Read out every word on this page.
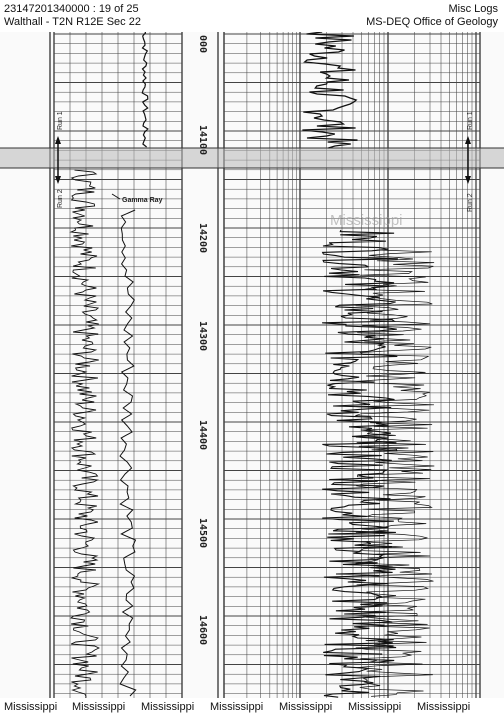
23147201340000 : 19 of 25
Walthall - T2N R12E Sec 22
Misc Logs
MS-DEQ Office of Geology
000
14100
14200
14300
14400
14500
14600
Run 1
Run 2
Run 1
Run 2
Gamma Ray
Mississippi
Mississippi Mississippi Mississippi Mississippi Mississippi Mississippi Mississippi
